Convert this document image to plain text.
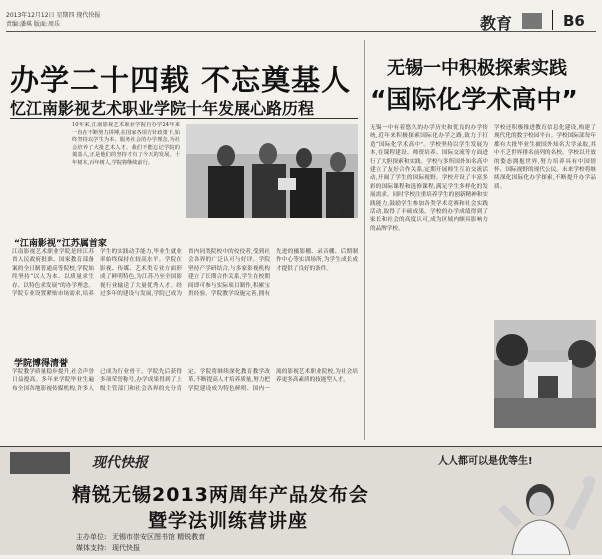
2013年12月12日 星期四 现代快报
责编:潘琪 版面:周乐	教育	B6
办学二十四载 不忘奠基人
忆江南影视艺术职业学院十年发展心路历程
10年来,江南影视艺术职业学院自办学24年来一直在不断努力拼搏,在国家各项方针政策下,始终坚持以学生为本、服务社会的办学理念,为社会培养了大批艺术人才。我们不能忘记学院的奠基人,正是他们的坚持才有了今天的发展。十年树木,百年树人,学院将继续前行。
资料
“江南影视”江苏属首家
江南影视艺术职业学院是经江苏省人民政府批准、国家教育部备案的全日制普通高等院校,学院始终坚持“以人为本、以质量求生存、以特色求发展”的办学理念。学院专业设置紧贴市场需求,培养学生的实践动手能力,毕业生就业率始终保持在较高水平。学院在影视、传媒、艺术类专业方面形成了鲜明特色,为江苏乃至全国影视行业输送了大量优秀人才。经过多年的建设与发展,学院已成为省内同类院校中的佼佼者,受到社会各界的广泛认可与好评。学院坚持产学研结合,与多家影视机构建立了长期合作关系,学生在校期间即可参与实际项目制作,积累宝贵经验。学院教学设施完善,拥有先进的摄影棚、录音棚、后期制作中心等实训场所,为学生成长成才提供了良好的条件。
学院博得清誉
学院教学质量稳步提升,社会声誉日益提高。多年来学院毕业生遍布全国各地影视传媒机构,许多人已成为行业骨干。学院先后获得多项荣誉称号,办学成果得到了上级主管部门和社会各界的充分肯定。学院将继续深化教育教学改革,不断提高人才培养质量,努力把学院建设成为特色鲜明、国内一流的影视艺术职业院校,为社会培养更多高素质的技能型人才。
无锡一中积极探索实践
“国际化学术高中”
无锡一中有着悠久的办学历史和优良的办学传统,近年来积极探索国际化办学之路,致力于打造“国际化学术高中”。学校坚持以学生发展为本,在课程建设、师资培养、国际交流等方面进行了大胆探索和实践。学校与多所国外知名高中建立了友好合作关系,定期开展师生互访交流活动,开阔了学生的国际视野。学校开设了丰富多彩的国际课程和选修课程,满足学生多样化的发展需求。同时学校注重培养学生的创新精神和实践能力,鼓励学生参加各类学术竞赛和社会实践活动,取得了丰硕成果。学校的办学成绩得到了家长和社会的高度认可,成为区域内颇具影响力的品牌学校。
学校还积极推进教育信息化建设,构建了现代化的数字校园平台。学校国际部每年都有大批毕业生被国外知名大学录取,其中不乏世界排名前列的名校。学校以开放的姿态拥抱世界,努力培养具有中国情怀、国际视野的现代公民。未来学校将继续深化国际化办学探索,不断提升办学品质。
现代快报	人人都可以是优等生!
精锐无锡2013两周年产品发布会
暨学法训练营讲座
主办单位: 无锡市崇安区图书馆 精锐教育
媒体支持: 现代快报
